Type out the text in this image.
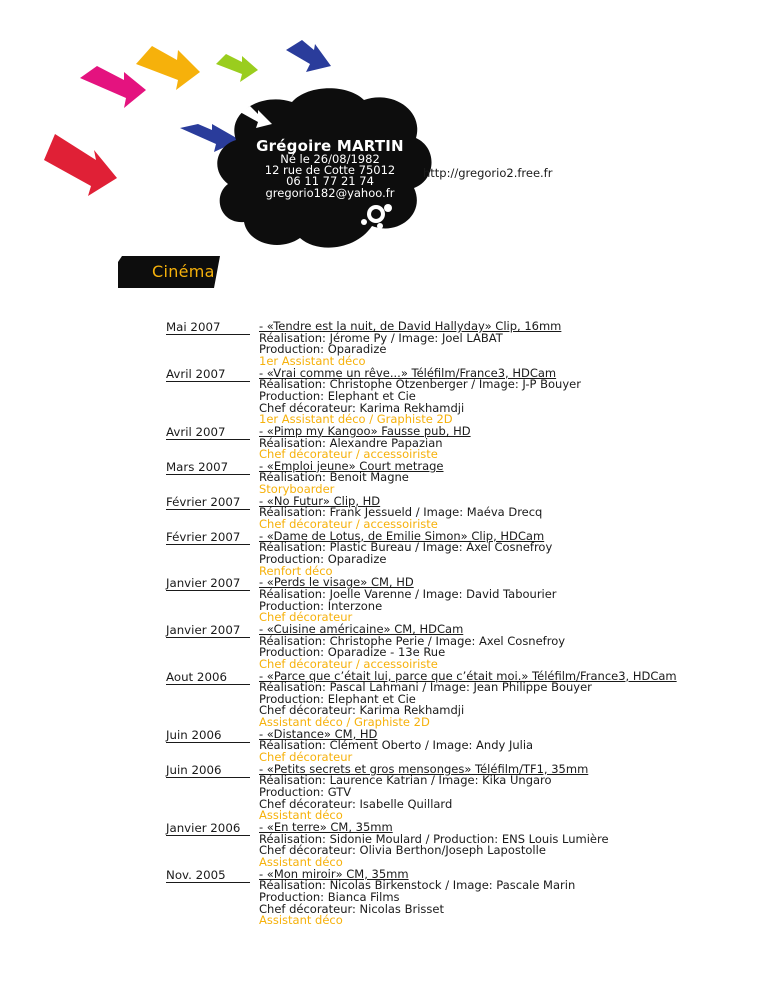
Grégoire MARTIN
Né le 26/08/1982
12 rue de Cotte 75012
06 11 77 21 74
gregorio182@yahoo.fr
http://gregorio2.free.fr
Cinéma
Mai 2007	- «Tendre est la nuit, de David Hallyday» Clip, 16mm
Réalisation: Jérome Py / Image: Joel LABAT
Production: Oparadize
1er Assistant déco
Avril 2007	- «Vrai comme un rêve...» Téléfilm/France3, HDCam
Réalisation: Christophe Otzenberger / Image: J-P Bouyer
Production: Elephant et Cie
Chef décorateur: Karima Rekhamdji
1er Assistant déco / Graphiste 2D
Avril 2007	- «Pimp my Kangoo» Fausse pub, HD
Réalisation: Alexandre Papazian
Chef décorateur / accessoiriste
Mars 2007	- «Emploi jeune» Court metrage
Réalisation: Benoit Magne
Storyboarder
Février 2007	- «No Futur» Clip, HD
Réalisation: Frank Jessueld / Image: Maéva Drecq
Chef décorateur / accessoiriste
Février 2007	- «Dame de Lotus, de Emilie Simon» Clip, HDCam
Réalisation: Plastic Bureau / Image: Axel Cosnefroy
Production: Oparadize
Renfort déco
Janvier 2007	- «Perds le visage» CM, HD
Réalisation: Joelle Varenne / Image: David Tabourier
Production: Interzone
Chef décorateur
Janvier 2007	- «Cuisine américaine» CM, HDCam
Réalisation: Christophe Perie / Image: Axel Cosnefroy
Production: Oparadize - 13e Rue
Chef décorateur / accessoiriste
Aout 2006	- «Parce que c’était lui, parce que c’était moi.» Téléfilm/France3, HDCam
Réalisation: Pascal Lahmani / Image: Jean Philippe Bouyer
Production: Elephant et Cie
Chef décorateur: Karima Rekhamdji
Assistant déco / Graphiste 2D
Juin 2006	- «Distance» CM, HD
Réalisation: Clément Oberto / Image: Andy Julia
Chef décorateur
Juin 2006	- «Petits secrets et gros mensonges» Téléfilm/TF1, 35mm
Réalisation: Laurence Katrian / Image: Kika Ungaro
Production: GTV
Chef décorateur: Isabelle Quillard
Assistant déco
Janvier 2006	- «En terre» CM, 35mm
Réalisation: Sidonie Moulard / Production: ENS Louis Lumière
Chef décorateur: Olivia Berthon/Joseph Lapostolle
Assistant déco
Nov. 2005	- «Mon miroir» CM, 35mm
Réalisation: Nicolas Birkenstock / Image: Pascale Marin
Production: Bianca Films
Chef décorateur: Nicolas Brisset
Assistant déco
